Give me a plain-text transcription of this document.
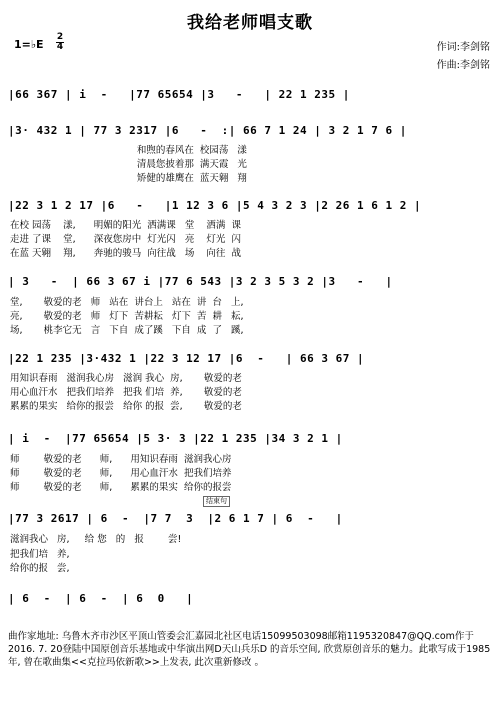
我给老师唱支歌
作词:李剑铭
作曲:李剑铭
1=♭E $\frac{2}{4}$
|66 367 | i  -   |77 65654 |3   -   | 22 1 235 |
|3· 432 1 | 77 3 2317 |6   -  :| 66 7 1 24 | 3 2 1 7 6 |
和煦的春风在  校园荡   漾
清晨您披着那  满天霞   光
矫健的雄鹰在  蓝天翱   翔
|22 3 1 2 17 |6   -   |1 12 3 6 |5 4 3 2 3 |2 26 1 6 1 2 |
在校 园荡    漾,      明媚的阳光  洒满课   堂    洒满  课
走进 了课    堂,      深夜您房中  灯光闪   亮    灯光  闪
在蓝 天翱    翔,      奔驰的骏马  向往战   场    向往  战
| 3   -  | 66 3 67 i |77 6 543 |3 2 3 5 3 2 |3   -   |
堂,       敬爱的老   师   站在  讲台上   站在  讲  台   上,
亮,       敬爱的老   师   灯下  苦耕耘   灯下  苦  耕   耘,
场,       桃李它无   言   下自  成了蹊   下自  成  了   蹊,
|22 1 235 |3·432 1 |22 3 12 17 |6  -   | 66 3 67 |
用知识春雨   滋润我心房   滋润 我心  房,       敬爱的老
用心血汗水   把我们培养   把我 们培  养,       敬爱的老
累累的果实   给你的报尝   给你 的报  尝,       敬爱的老
| i  -  |77 65654 |5 3· 3 |22 1 235 |34 3 2 1 |
师        敬爱的老      师,      用知识春雨  滋润我心房
师        敬爱的老      师,      用心血汗水  把我们培养
师        敬爱的老      师,      累累的果实  给你的报尝
结束句
|77 3 2617 | 6  -  |7 7  3  |2 6 1 7 | 6  -   |
滋润我心   房,     给 您   的   报        尝!
把我们培   养,
给你的报   尝,
| 6  -  | 6  -  | 6  0   |
曲作家地址: 乌鲁木齐市沙区平顶山管委会汇嘉园北社区电话15099503098邮箱1195320847@QQ.com作于2016. 7. 20登陆中国原创音乐基地或中华演出网D天山兵乐D 的音乐空间, 欣赏原创音乐的魅力。此歌写成于1985年, 曾在歌曲集<<克拉玛依新歌>>上发表, 此次重新修改 。
